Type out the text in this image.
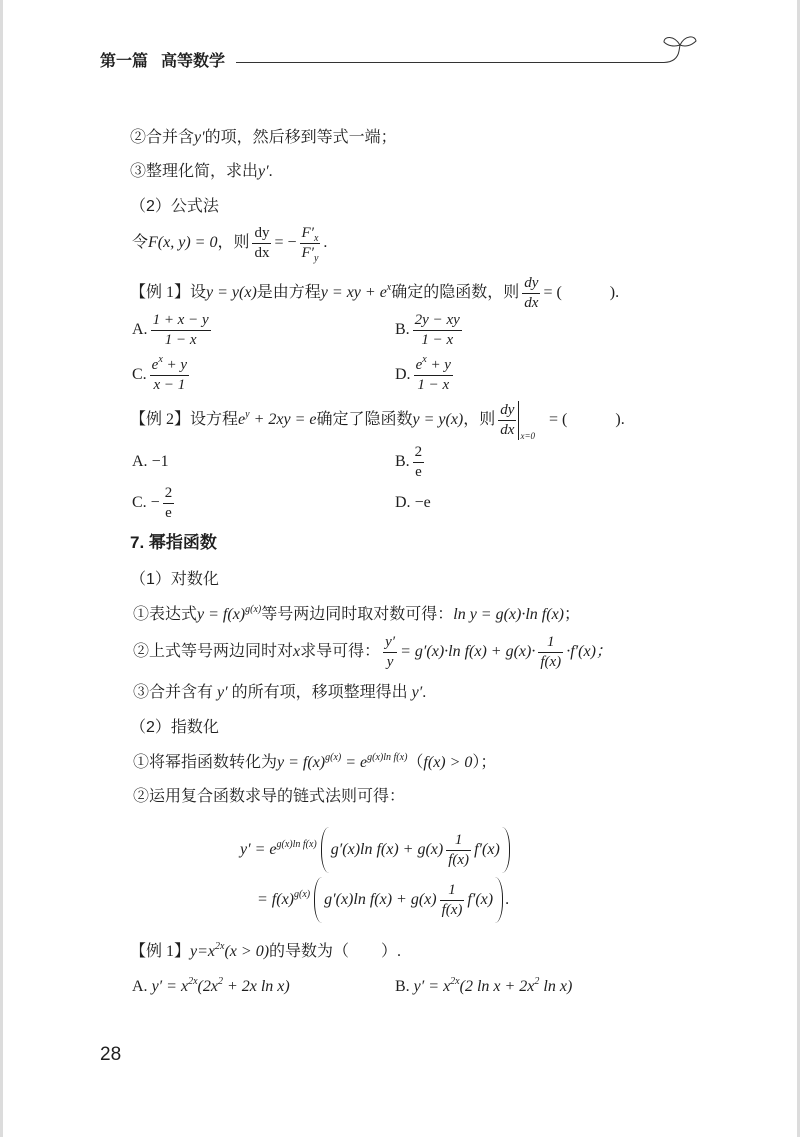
第一篇 高等数学
②合并含y′的项，然后移到等式一端；
③整理化简，求出y′.
（2）公式法
令F(x, y) = 0，则 $\frac{dy}{dx}$ = − $\frac{F'_x}{F'_y}$ .
【例 1】设y = y(x)是由方程y = xy + $e^x$确定的隐函数，则 $\frac{dy}{dx}$ = (　　　).
A. $\frac{1 + x - y}{1 - x}$	B. $\frac{2y - xy}{1 - x}$
C. $\frac{e^x + y}{x - 1}$	D. $\frac{e^x + y}{1 - x}$
【例 2】设方程$e^y + 2xy = e$确定了隐函数y = y(x)，则 $\frac{dy}{dx} _{x=0}=$ (　　　).
A. −1	B. $\frac{2}{e}$
C. − $\frac{2}{e}$	D. −e
7. 幂指函数
（1）对数化
①表达式$y = f(x)^{g(x)}$等号两边同时取对数可得：ln y = g(x)·ln f(x)；
②上式等号两边同时对x求导可得： $\frac{y'}{y} = g'(x)\cdot\ln$ $f(x) + g(x)\cdot \frac{1}{f(x)} \cdot f'(x)$；
③合并含有 y′ 的所有项，移项整理得出 y′.
（2）指数化
①将幂指函数转化为$y = f(x)^{g(x)} = e^{g(x)ln f(x)}(f(x) > 0)$；
②运用复合函数求导的链式法则可得：
$y' = e^{g(x)ln f(x)}$ g′(x)ln $f(x) + g(x) \frac{1}{f(x)} f'(x)$
= $f(x)^{g(x)}$ g′(x)ln $f(x) + g(x) \frac{1}{f(x)} f'(x)$ .
【例 1】$y=x^{2x}(x > 0)$的导数为（　　）.
A. $y' = x^{2x}(2x^2 + 2x$ ln x)	B. $y' = x^{2x}(2$ $\ln x + 2x^2$ ln x)
28
